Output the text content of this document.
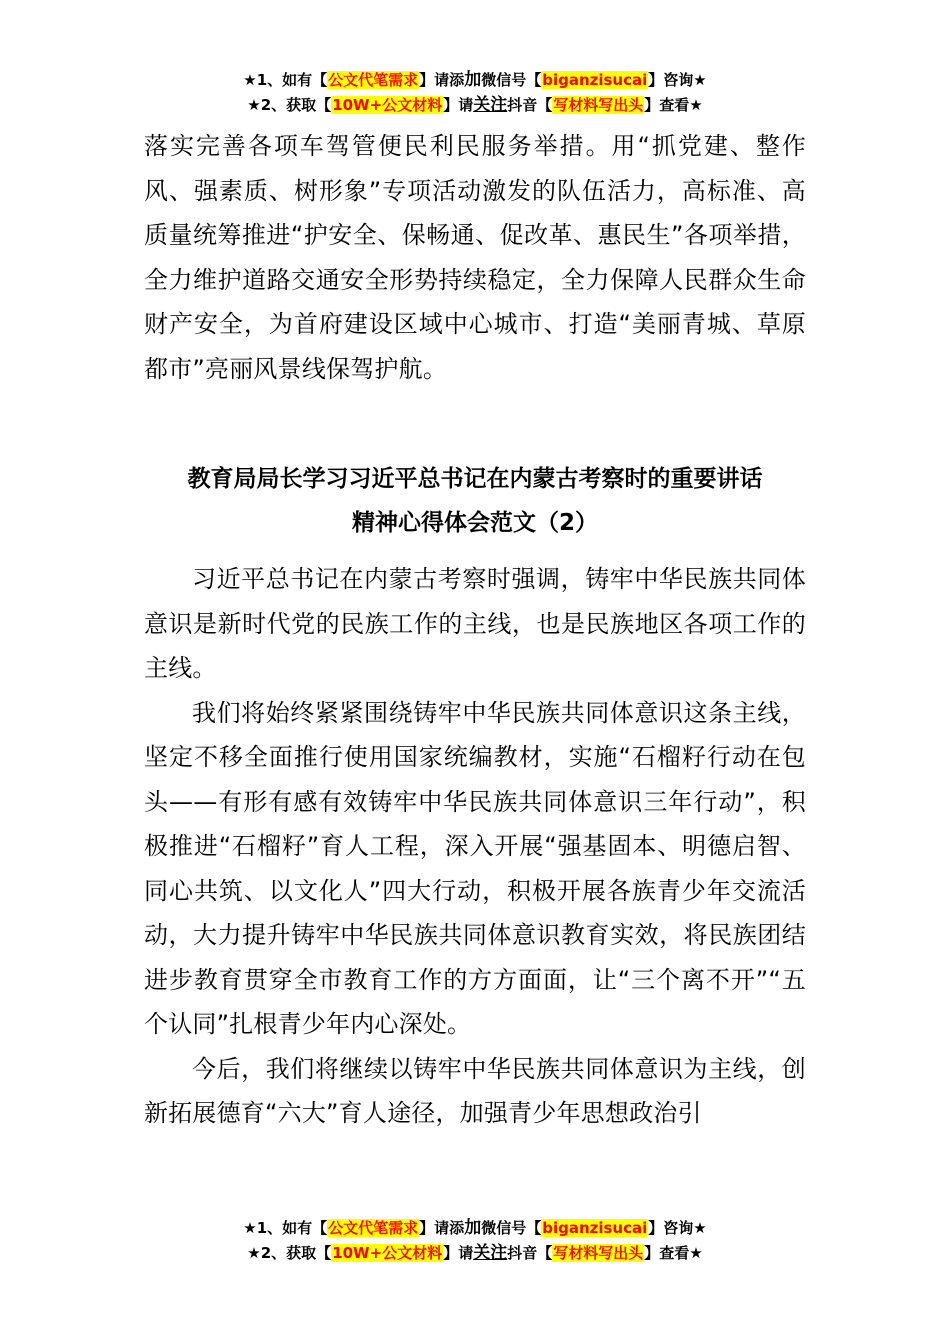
★1、如有【公文代笔需求】请添加微信号【biganzisucai】咨询★
★2、获取【10W+公文材料】请关注抖音【写材料写出头】查看★

落实完善各项车驾管便民利民服务举措。用“抓党建、整作风、强素质、树形象”专项活动激发的队伍活力，高标准、高质量统筹推进“护安全、保畅通、促改革、惠民生”各项举措，全力维护道路交通安全形势持续稳定，全力保障人民群众生命财产安全，为首府建设区域中心城市、打造“美丽青城、草原都市”亮丽风景线保驾护航。

教育局局长学习习近平总书记在内蒙古考察时的重要讲话
精神心得体会范文（2）

习近平总书记在内蒙古考察时强调，铸牢中华民族共同体意识是新时代党的民族工作的主线，也是民族地区各项工作的主线。

我们将始终紧紧围绕铸牢中华民族共同体意识这条主线，坚定不移全面推行使用国家统编教材，实施“石榴籽行动在包头——有形有感有效铸牢中华民族共同体意识三年行动”，积极推进“石榴籽”育人工程，深入开展“强基固本、明德启智、同心共筑、以文化人”四大行动，积极开展各族青少年交流活动，大力提升铸牢中华民族共同体意识教育实效，将民族团结进步教育贯穿全市教育工作的方方面面，让“三个离不开”“五个认同”扎根青少年内心深处。

今后，我们将继续以铸牢中华民族共同体意识为主线，创新拓展德育“六大”育人途径，加强青少年思想政治引

★1、如有【公文代笔需求】请添加微信号【biganzisucai】咨询★
★2、获取【10W+公文材料】请关注抖音【写材料写出头】查看★
